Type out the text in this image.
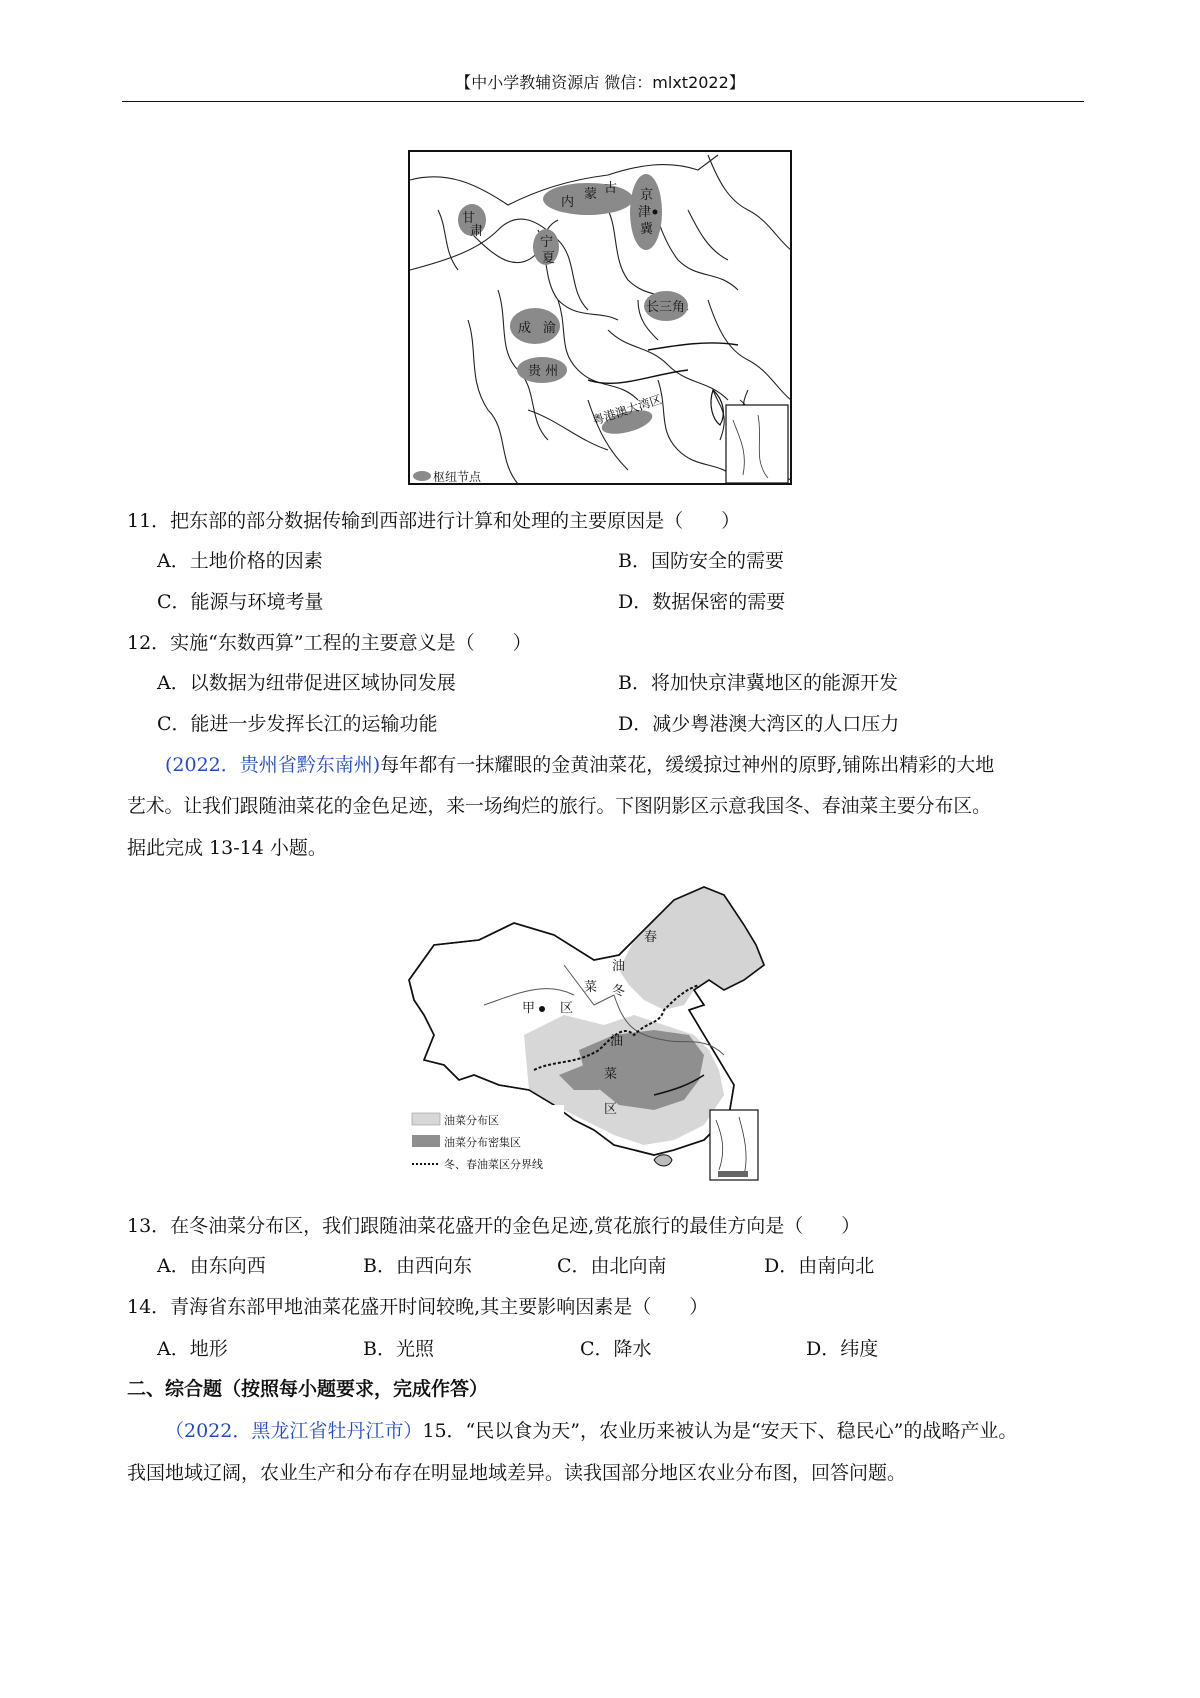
【中小学教辅资源店 微信：mlxt2022】
内
蒙 古
甘
肃
宁
夏
京
津
冀
长三角
成 渝
贵 州
粤港澳大湾区
枢纽节点
11．把东部的部分数据传输到西部进行计算和处理的主要原因是（　　）
A．土地价格的因素	B．国防安全的需要
C．能源与环境考量	D．数据保密的需要
12．实施“东数西算”工程的主要意义是（　　）
A．以数据为纽带促进区域协同发展	B．将加快京津冀地区的能源开发
C．能进一步发挥长江的运输功能	D．减少粤港澳大湾区的人口压力
(2022．贵州省黔东南州)每年都有一抹耀眼的金黄油菜花，缓缓掠过神州的原野,铺陈出精彩的大地
艺术。让我们跟随油菜花的金色足迹，来一场绚烂的旅行。下图阴影区示意我国冬、春油菜主要分布区。
据此完成 13-14 小题。
春
油
菜
甲 区
冬
油
菜
区
油菜分布区
油菜分布密集区
冬、春油菜区分界线
13．在冬油菜分布区，我们跟随油菜花盛开的金色足迹,赏花旅行的最佳方向是（　　）
A．由东向西	B．由西向东	C．由北向南	D．由南向北
14．青海省东部甲地油菜花盛开时间较晚,其主要影响因素是（　　）
A．地形	B．光照	C．降水	D．纬度
二、综合题（按照每小题要求，完成作答）
（2022．黑龙江省牡丹江市）15．“民以食为天”，农业历来被认为是“安天下、稳民心”的战略产业。
我国地域辽阔，农业生产和分布存在明显地域差异。读我国部分地区农业分布图，回答问题。
